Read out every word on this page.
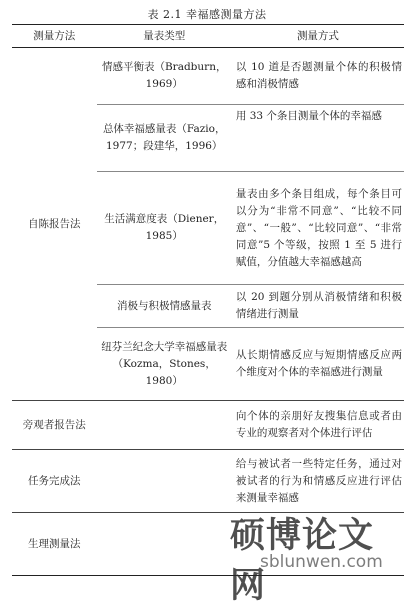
表 2.1 幸福感测量方法
测量方法	量表类型	测量方式
自陈报告法	情感平衡表（Bradburn，1969）	以 10 道是否题测量个体的积极情感和消极情感
	总体幸福感量表（Fazio，1977；段建华，1996）	用 33 个条目测量个体的幸福感
	生活满意度表（Diener，1985）	量表由多个条目组成，每个条目可以分为“非常不同意”、“比较不同意”、“一般”、“比较同意”、“非常同意”5 个等级，按照 1 至 5 进行赋值，分值越大幸福感越高
	消极与积极情感量表	以 20 到题分别从消极情绪和积极情绪进行测量
	纽芬兰纪念大学幸福感量表（Kozma，Stones，1980）	从长期情感反应与短期情感反应两个维度对个体的幸福感进行测量
旁观者报告法		向个体的亲朋好友搜集信息或者由专业的观察者对个体进行评估
任务完成法		给与被试者一些特定任务，通过对被试者的行为和情感反应进行评估来测量幸福感
生理测量法			硕博论文网
sblunwen.com
